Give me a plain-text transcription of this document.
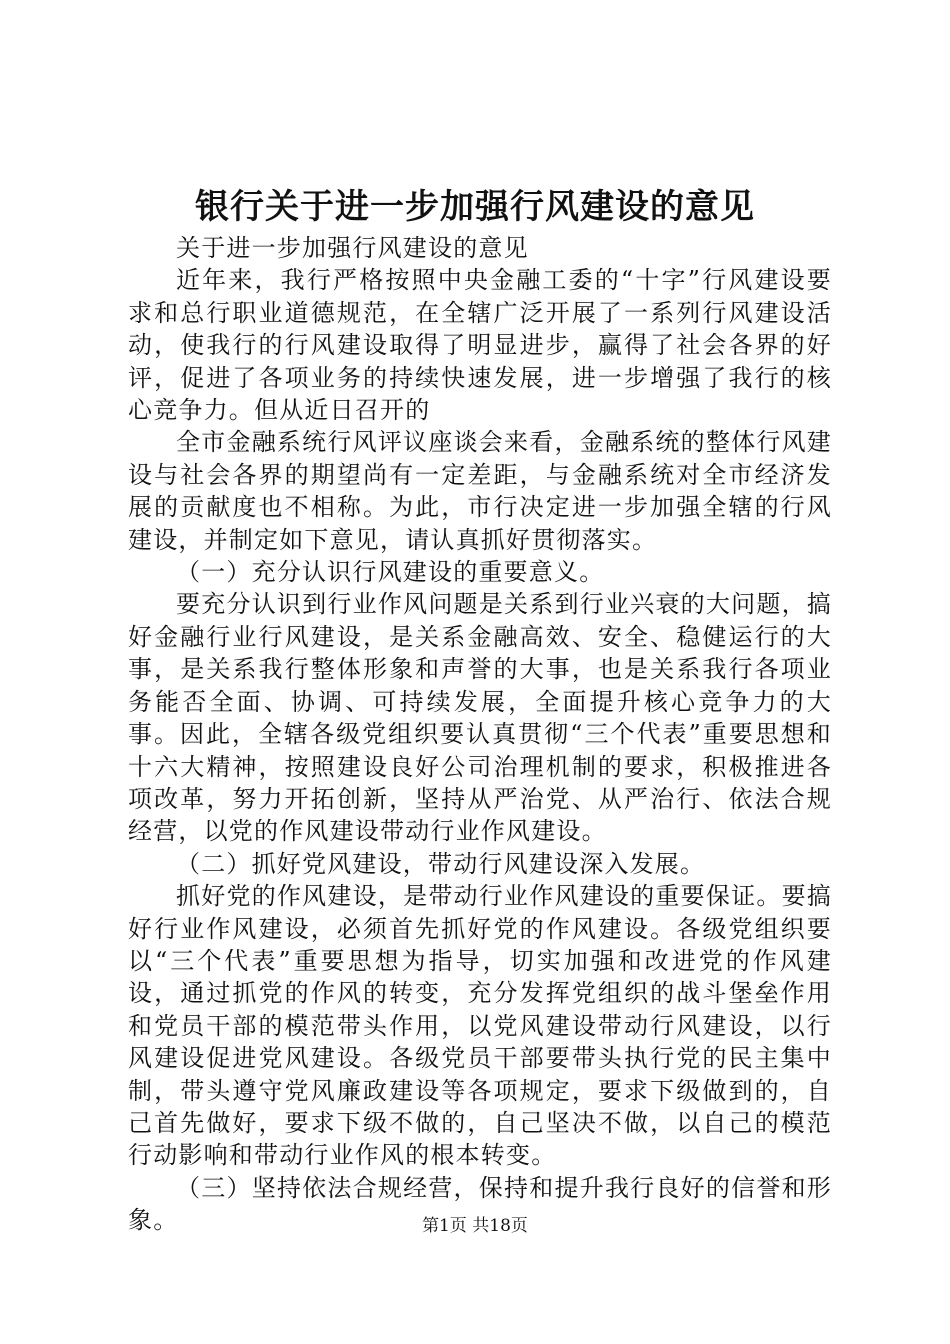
银行关于进一步加强行风建设的意见

关于进一步加强行风建设的意见

近年来，我行严格按照中央金融工委的“十字”行风建设要求和总行职业道德规范，在全辖广泛开展了一系列行风建设活动，使我行的行风建设取得了明显进步，赢得了社会各界的好评，促进了各项业务的持续快速发展，进一步增强了我行的核心竞争力。但从近日召开的

全市金融系统行风评议座谈会来看，金融系统的整体行风建设与社会各界的期望尚有一定差距，与金融系统对全市经济发展的贡献度也不相称。为此，市行决定进一步加强全辖的行风建设，并制定如下意见，请认真抓好贯彻落实。

（一）充分认识行风建设的重要意义。

要充分认识到行业作风问题是关系到行业兴衰的大问题，搞好金融行业行风建设，是关系金融高效、安全、稳健运行的大事，是关系我行整体形象和声誉的大事，也是关系我行各项业务能否全面、协调、可持续发展，全面提升核心竞争力的大事。因此，全辖各级党组织要认真贯彻“三个代表”重要思想和十六大精神，按照建设良好公司治理机制的要求，积极推进各项改革，努力开拓创新，坚持从严治党、从严治行、依法合规经营，以党的作风建设带动行业作风建设。

（二）抓好党风建设，带动行风建设深入发展。

抓好党的作风建设，是带动行业作风建设的重要保证。要搞好行业作风建设，必须首先抓好党的作风建设。各级党组织要以“三个代表”重要思想为指导，切实加强和改进党的作风建设，通过抓党的作风的转变，充分发挥党组织的战斗堡垒作用和党员干部的模范带头作用，以党风建设带动行风建设，以行风建设促进党风建设。各级党员干部要带头执行党的民主集中制，带头遵守党风廉政建设等各项规定，要求下级做到的，自己首先做好，要求下级不做的，自己坚决不做，以自己的模范行动影响和带动行业作风的根本转变。

（三）坚持依法合规经营，保持和提升我行良好的信誉和形象。	第1页 共18页
